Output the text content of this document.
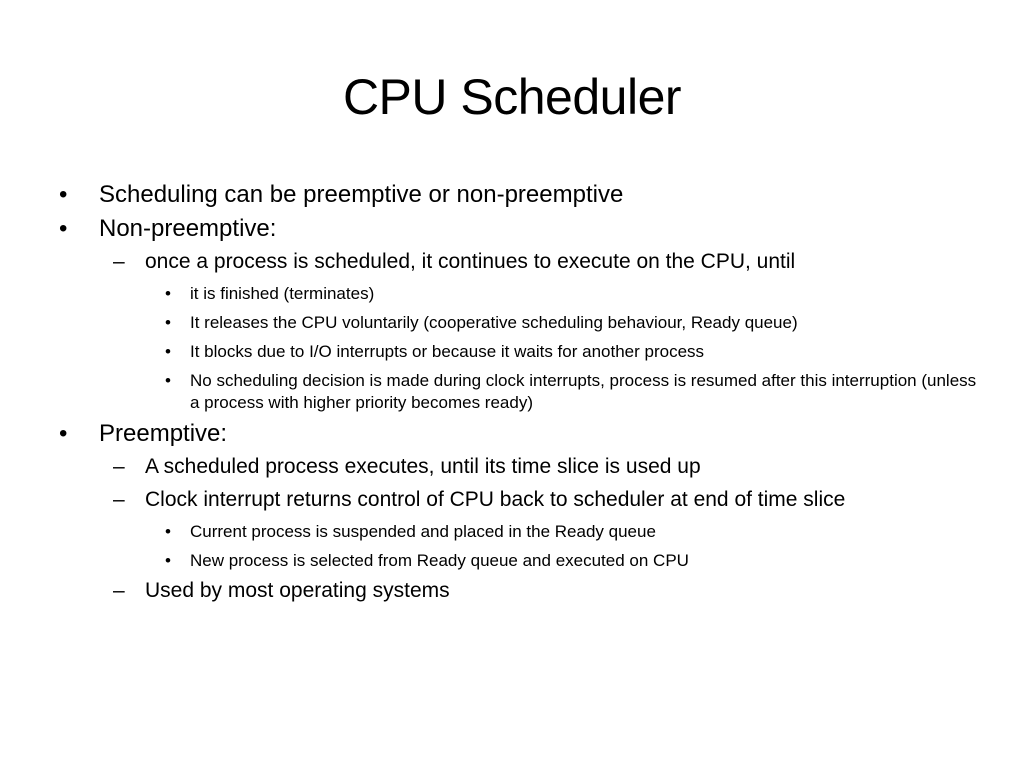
CPU Scheduler
• Scheduling can be preemptive or non-preemptive
• Non-preemptive:
– once a process is scheduled, it continues to execute on the CPU, until
• it is finished (terminates)
• It releases the CPU voluntarily (cooperative scheduling behaviour, Ready queue)
• It blocks due to I/O interrupts or because it waits for another process
• No scheduling decision is made during clock interrupts, process is resumed after this interruption (unless a process with higher priority becomes ready)
• Preemptive:
– A scheduled process executes, until its time slice is used up
– Clock interrupt returns control of CPU back to scheduler at end of time slice
• Current process is suspended and placed in the Ready queue
• New process is selected from Ready queue and executed on CPU
– Used by most operating systems
